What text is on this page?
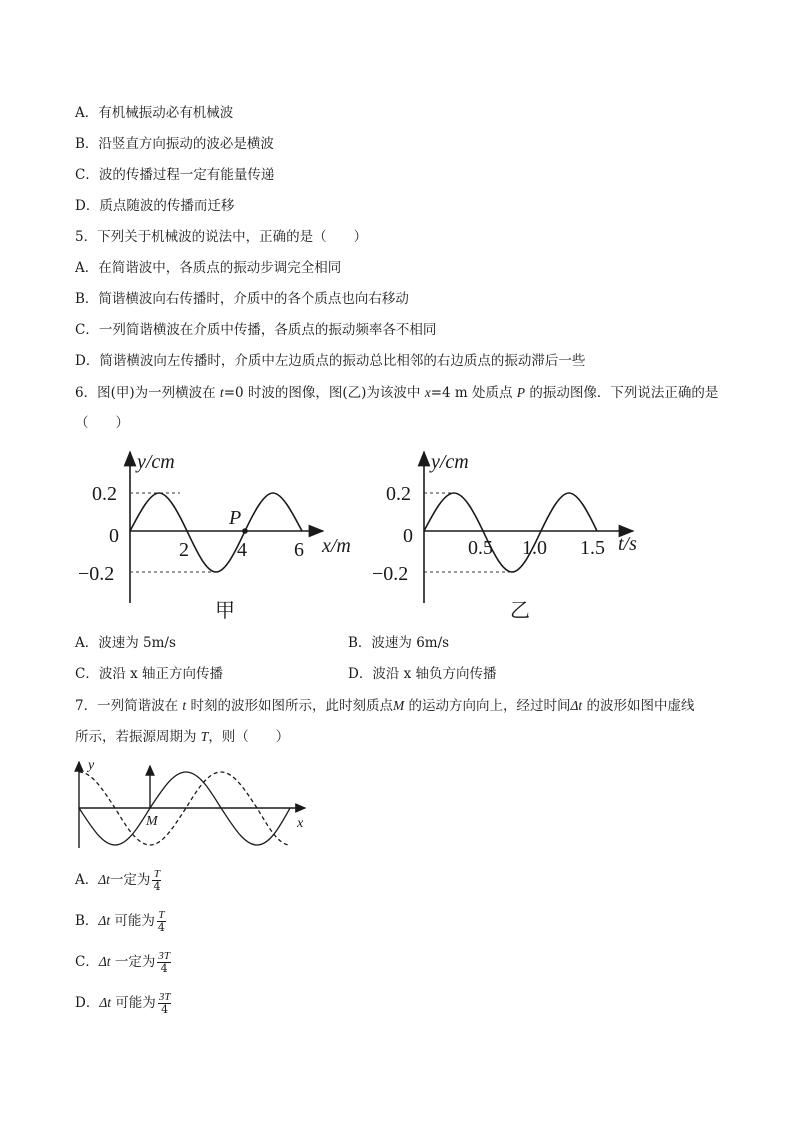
A．有机械振动必有机械波
B．沿竖直方向振动的波必是横波
C．波的传播过程一定有能量传递
D．质点随波的传播而迁移
5．下列关于机械波的说法中，正确的是（　　）
A．在简谐波中，各质点的振动步调完全相同
B．简谐横波向右传播时，介质中的各个质点也向右移动
C．一列简谐横波在介质中传播，各质点的振动频率各不相同
D．简谐横波向左传播时，介质中左边质点的振动总比相邻的右边质点的振动滞后一些
6．图(甲)为一列横波在 t=0 时波的图像，图(乙)为该波中 x=4 m 处质点 P 的振动图像．下列说法正确的是
（　　）
y/cm
0.2
0
−0.2
2 4 6
P
x/m
甲
y/cm
0.2
0
−0.2
0.5 1.0 1.5 t/s
乙
A．波速为 5m/s	B．波速为 6m/s
C．波沿 x 轴正方向传播	D．波沿 x 轴负方向传播
7．一列简谐波在 t 时刻的波形如图所示，此时刻质点M 的运动方向向上，经过时间Δt 的波形如图中虚线
所示，若振源周期为 T，则（　　）
y
M	x
A．Δt一定为 $\frac{T}{4}$
B．Δt 可能为 $\frac{T}{4}$
C．Δt 一定为 $\frac{3T}{4}$
D．Δt 可能为 $\frac{3T}{4}$
